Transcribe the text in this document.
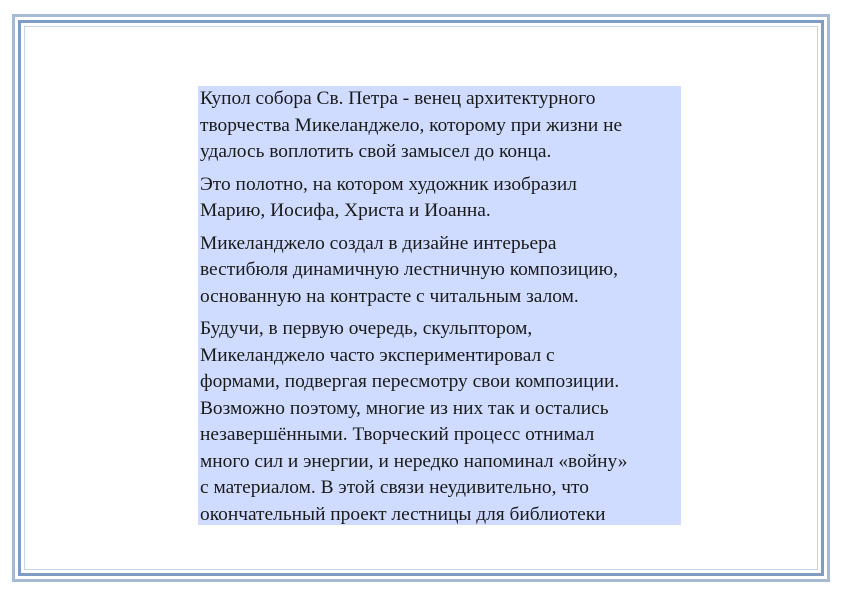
Купол собора Св. Петра - венец архитектурного
творчества Микеланджело, которому при жизни не
удалось воплотить свой замысел до конца.

Это полотно, на котором художник изобразил
Марию, Иосифа, Христа и Иоанна.

Микеланджело создал в дизайне интерьера
вестибюля динамичную лестничную композицию,
основанную на контрасте с читальным залом.

Будучи, в первую очередь, скульптором,
Микеланджело часто экспериментировал с
формами, подвергая пересмотру свои композиции.
Возможно поэтому, многие из них так и остались
незавершёнными. Творческий процесс отнимал
много сил и энергии, и нередко напоминал «войну»
с материалом. В этой связи неудивительно, что
окончательный проект лестницы для библиотеки
